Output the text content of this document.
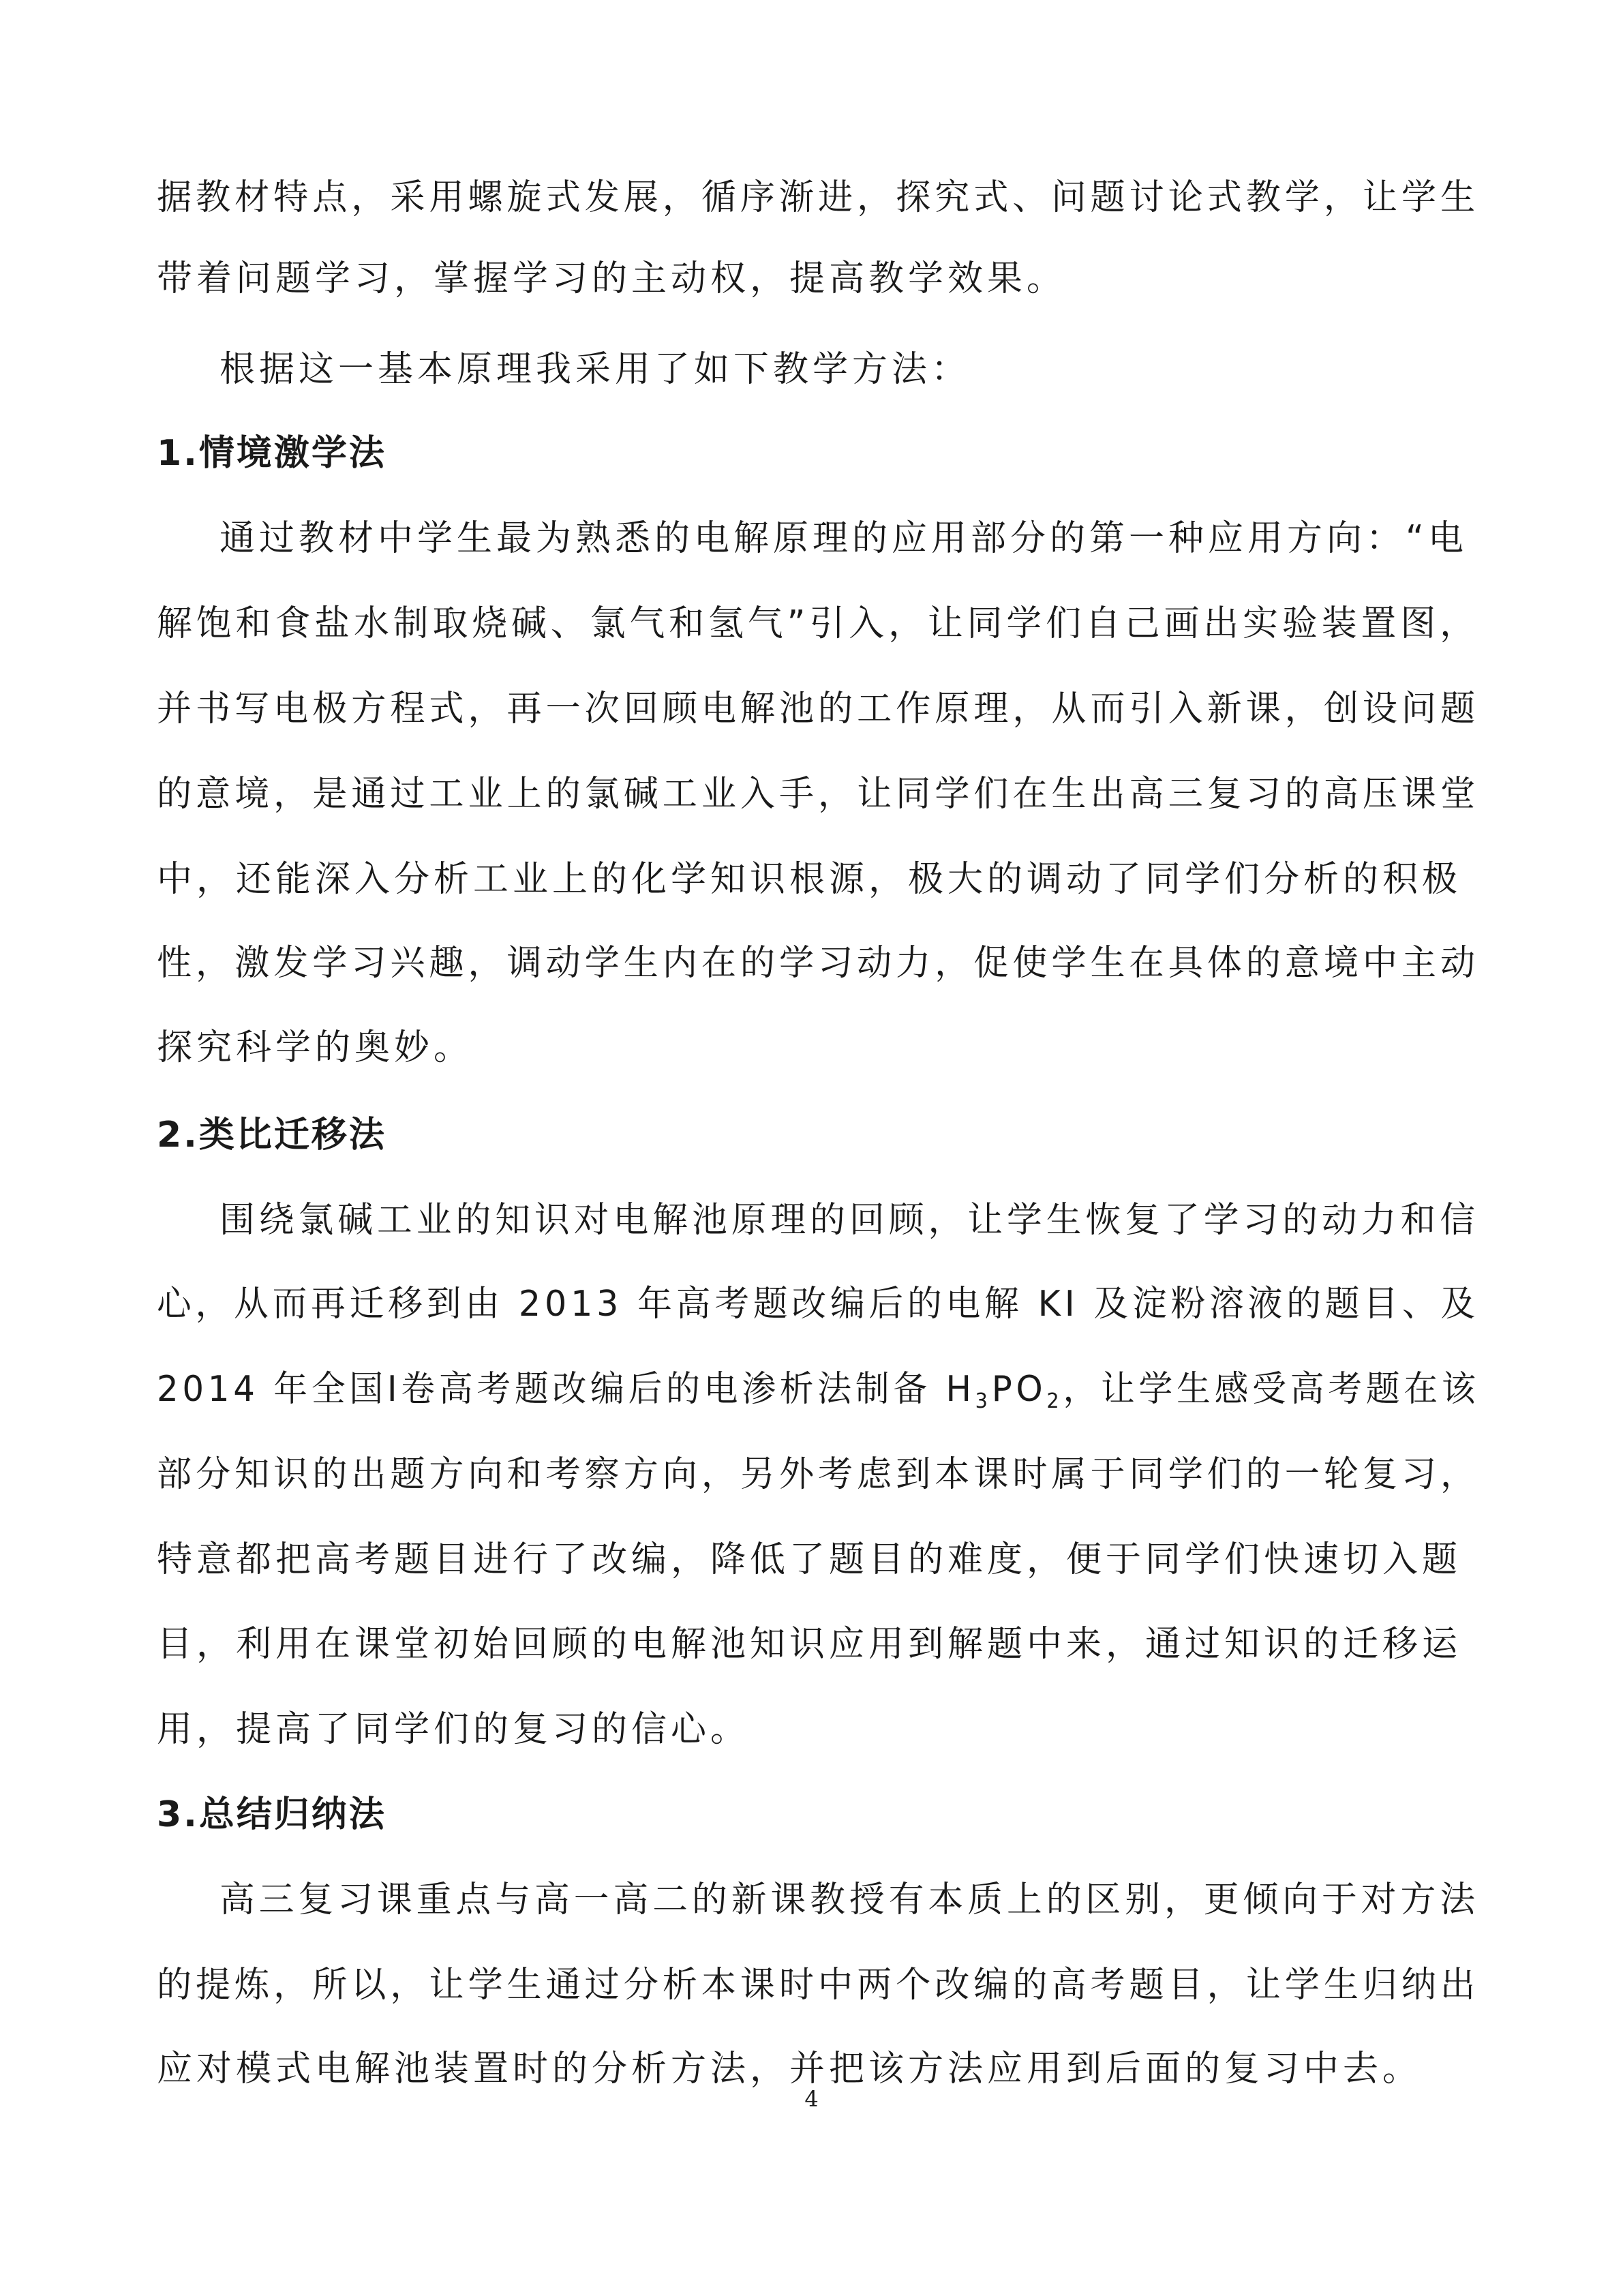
据教材特点，采用螺旋式发展，循序渐进，探究式、问题讨论式教学，让学生
带着问题学习，掌握学习的主动权，提高教学效果。
根据这一基本原理我采用了如下教学方法：
1.情境激学法
通过教材中学生最为熟悉的电解原理的应用部分的第一种应用方向：“电
解饱和食盐水制取烧碱、氯气和氢气”引入，让同学们自己画出实验装置图，
并书写电极方程式，再一次回顾电解池的工作原理，从而引入新课，创设问题
的意境，是通过工业上的氯碱工业入手，让同学们在生出高三复习的高压课堂
中，还能深入分析工业上的化学知识根源，极大的调动了同学们分析的积极
性，激发学习兴趣，调动学生内在的学习动力，促使学生在具体的意境中主动
探究科学的奥妙。
2.类比迁移法
围绕氯碱工业的知识对电解池原理的回顾，让学生恢复了学习的动力和信
心，从而再迁移到由 2013 年高考题改编后的电解 KI 及淀粉溶液的题目、及
2014 年全国Ⅰ卷高考题改编后的电渗析法制备 $H_3PO_2$，让学生感受高考题在该
部分知识的出题方向和考察方向，另外考虑到本课时属于同学们的一轮复习，
特意都把高考题目进行了改编，降低了题目的难度，便于同学们快速切入题
目，利用在课堂初始回顾的电解池知识应用到解题中来，通过知识的迁移运
用，提高了同学们的复习的信心。
3.总结归纳法
高三复习课重点与高一高二的新课教授有本质上的区别，更倾向于对方法
的提炼，所以，让学生通过分析本课时中两个改编的高考题目，让学生归纳出
应对模式电解池装置时的分析方法，并把该方法应用到后面的复习中去。
4
